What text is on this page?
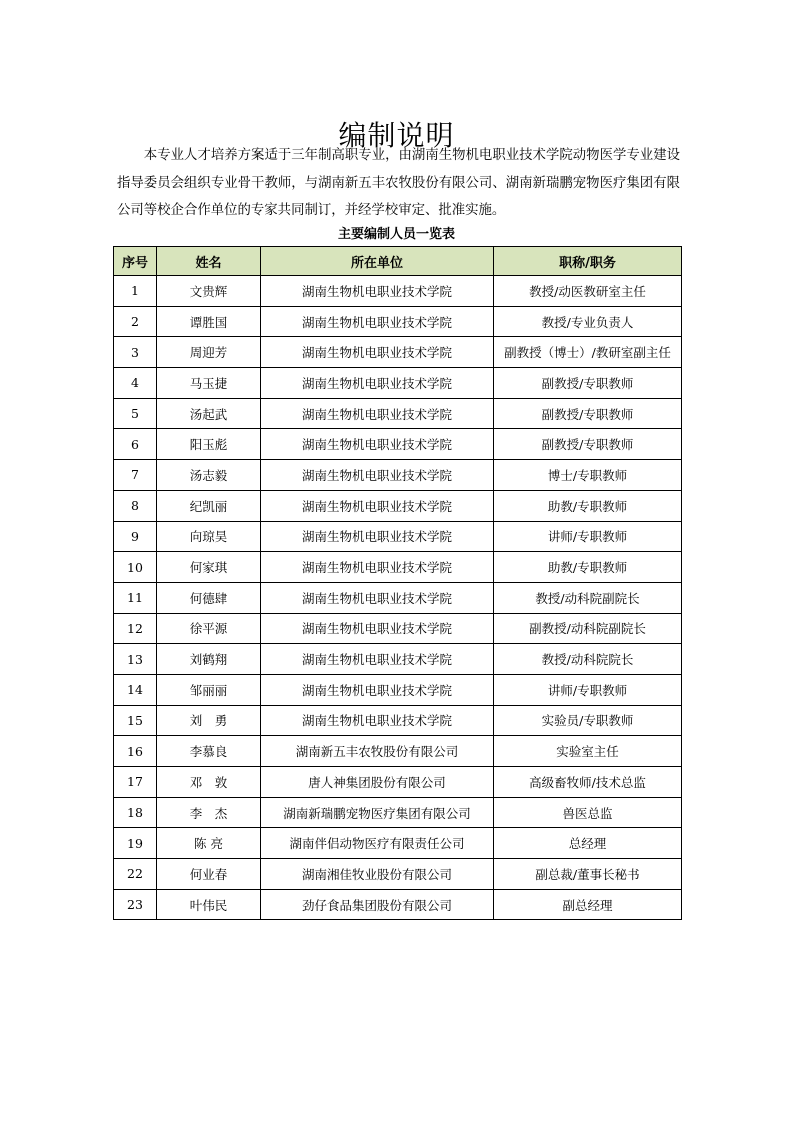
编制说明

本专业人才培养方案适于三年制高职专业，由湖南生物机电职业技术学院动物医学专业建设指导委员会组织专业骨干教师，与湖南新五丰农牧股份有限公司、湖南新瑞鹏宠物医疗集团有限公司等校企合作单位的专家共同制订，并经学校审定、批准实施。

主要编制人员一览表
序号	姓名	所在单位	职称/职务
1	文贵辉	湖南生物机电职业技术学院	教授/动医教研室主任
2	谭胜国	湖南生物机电职业技术学院	教授/专业负责人
3	周迎芳	湖南生物机电职业技术学院	副教授（博士）/教研室副主任
4	马玉捷	湖南生物机电职业技术学院	副教授/专职教师
5	汤起武	湖南生物机电职业技术学院	副教授/专职教师
6	阳玉彪	湖南生物机电职业技术学院	副教授/专职教师
7	汤志毅	湖南生物机电职业技术学院	博士/专职教师
8	纪凯丽	湖南生物机电职业技术学院	助教/专职教师
9	向琼昊	湖南生物机电职业技术学院	讲师/专职教师
10	何家琪	湖南生物机电职业技术学院	助教/专职教师
11	何德肆	湖南生物机电职业技术学院	教授/动科院副院长
12	徐平源	湖南生物机电职业技术学院	副教授/动科院副院长
13	刘鹤翔	湖南生物机电职业技术学院	教授/动科院院长
14	邹丽丽	湖南生物机电职业技术学院	讲师/专职教师
15	刘　勇	湖南生物机电职业技术学院	实验员/专职教师
16	李慕良	湖南新五丰农牧股份有限公司	实验室主任
17	邓　敦	唐人神集团股份有限公司	高级畜牧师/技术总监
18	李　杰	湖南新瑞鹏宠物医疗集团有限公司	兽医总监
19	陈 亮	湖南伴侣动物医疗有限责任公司	总经理
22	何业春	湖南湘佳牧业股份有限公司	副总裁/董事长秘书
23	叶伟民	劲仔食品集团股份有限公司	副总经理
